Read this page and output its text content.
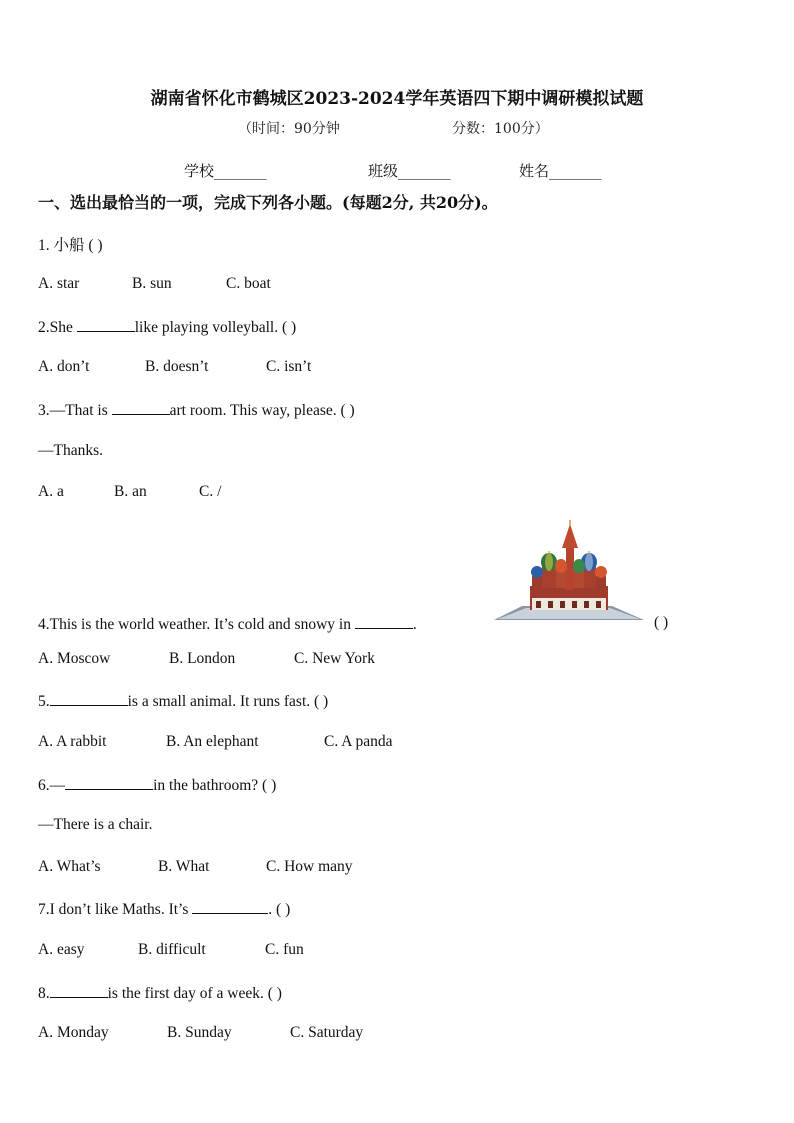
湖南省怀化市鹤城区2023-2024学年英语四下期中调研模拟试题
（时间：90分钟	分数：100分）
学校_______	班级_______	姓名_______
一、选出最恰当的一项，完成下列各小题。(每题2分, 共20分)。
1. 小船 ( )
A. star	B. sun	C. boat
2.She	like playing volleyball. ( )
A. don’t	B. doesn’t	C. isn’t
3.—That is	art room. This way, please. ( )
—Thanks.
A. a	B. an	C. /
4.This is the world weather. It’s cold and snowy in	.	( )
A. Moscow	B. London	C. New York
5.	is a small animal. It runs fast. ( )
A. A rabbit	B. An elephant	C. A panda
6.—	in the bathroom? ( )
—There is a chair.
A. What’s	B. What	C. How many
7.I don’t like Maths. It’s	. ( )
A. easy	B. difficult	C. fun
8.	is the first day of a week. ( )
A. Monday	B. Sunday	C. Saturday
